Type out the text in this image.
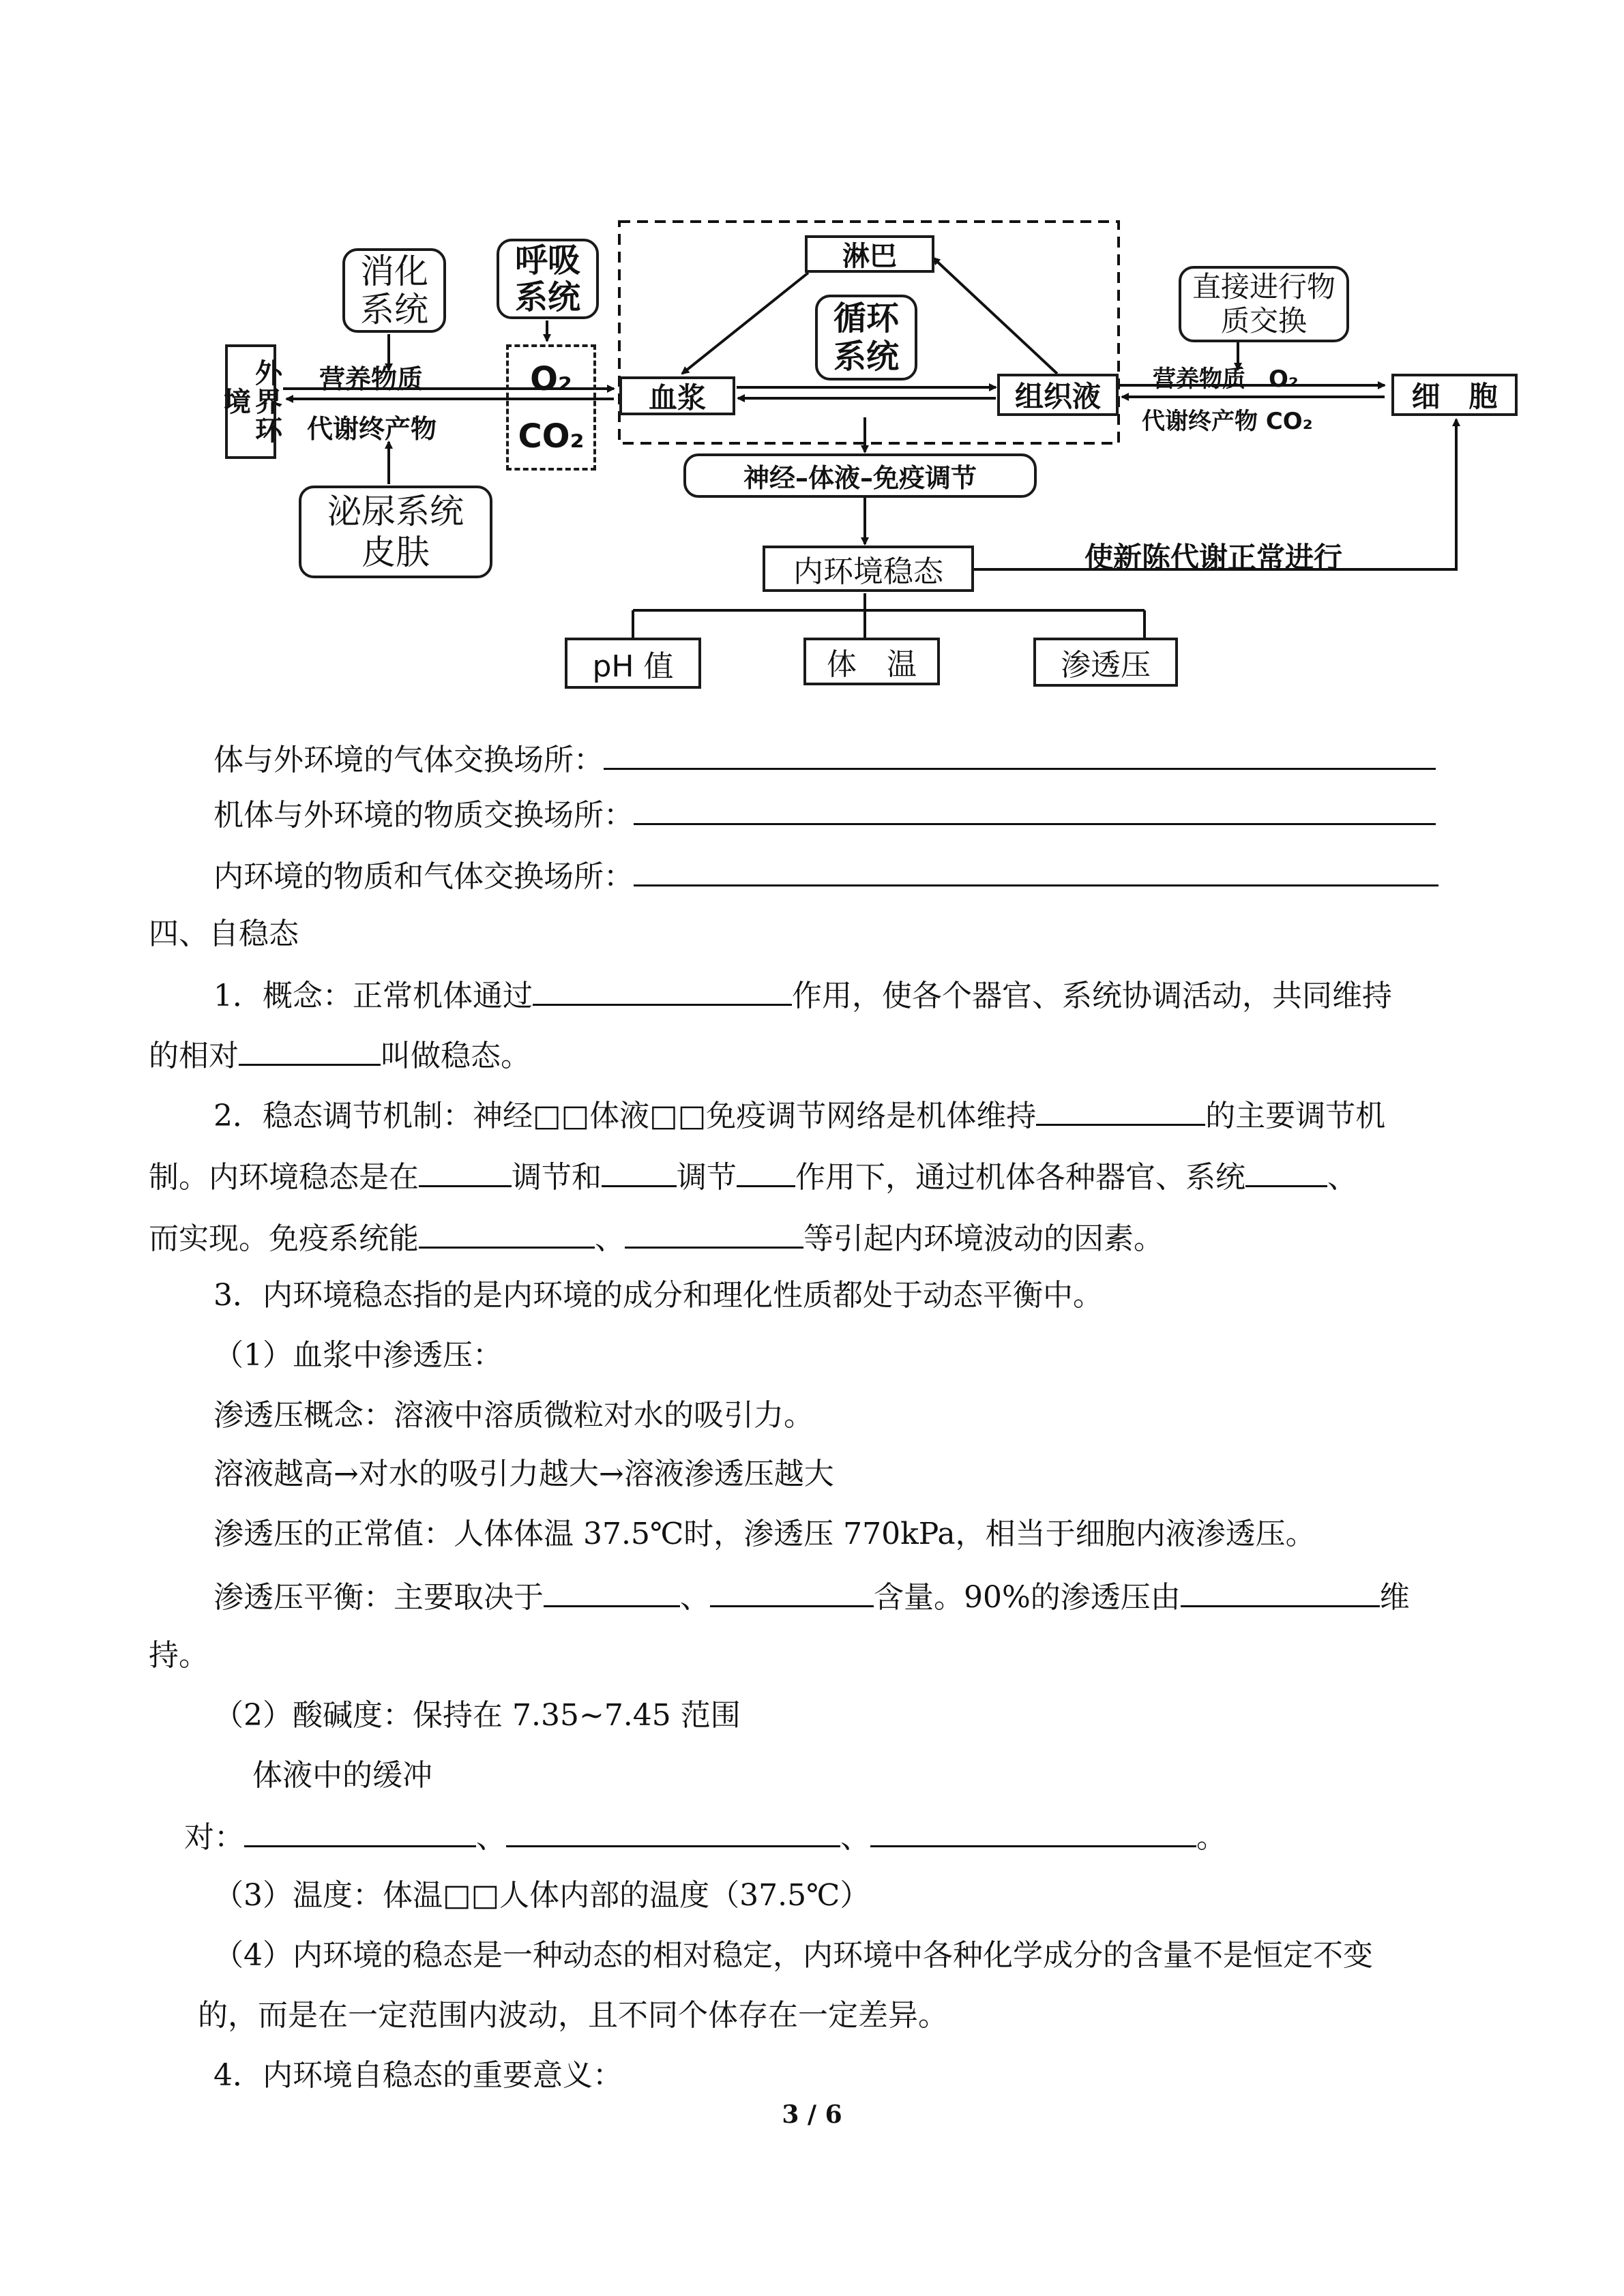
外界环境
消化系统
呼吸系统
O₂
CO₂
营养物质
代谢终产物
泌尿系统
皮肤
淋巴
循环系统
血浆	组织液
直接进行物质交换
营养物质　O₂
代谢终产物 CO₂
细　胞
神经–体液–免疫调节
内环境稳态	使新陈代谢正常进行
pH 值	体　温	渗透压
体与外环境的气体交换场所：
机体与外环境的物质交换场所：
内环境的物质和气体交换场所：
四、自稳态
1．概念：正常机体通过	作用，使各个器官、系统协调活动，共同维持
的相对	叫做稳态。
2．稳态调节机制：神经□□体液□□免疫调节网络是机体维持	的主要调节机
制。内环境稳态是在	调节和	调节 作用下，通过机体各种器官、系统	、
而实现。免疫系统能	、	等引起内环境波动的因素。
3．内环境稳态指的是内环境的成分和理化性质都处于动态平衡中。
（1）血浆中渗透压：
渗透压概念：溶液中溶质微粒对水的吸引力。
溶液越高→对水的吸引力越大→溶液渗透压越大
渗透压的正常值：人体体温 37.5℃时，渗透压 770kPa，相当于细胞内液渗透压。
渗透压平衡：主要取决于	、	含量。90%的渗透压由	维
持。
（2）酸碱度：保持在 7.35~7.45 范围
体液中的缓冲
对：	、	、	。
（3）温度：体温□□人体内部的温度（37.5℃）
（4）内环境的稳态是一种动态的相对稳定，内环境中各种化学成分的含量不是恒定不变
的，而是在一定范围内波动，且不同个体存在一定差异。
4．内环境自稳态的重要意义：
3 / 6
